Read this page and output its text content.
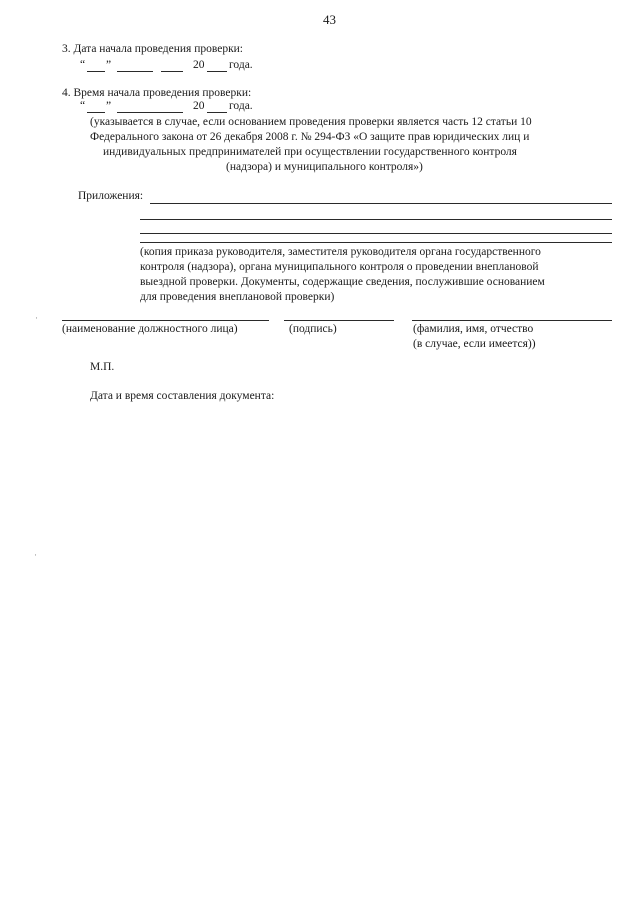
43
3. Дата начала проведения проверки:
“ ”	20 года.
4. Время начала проведения проверки:
“ ”	20 года.
(указывается в случае, если основанием проведения проверки является часть 12 статьи 10
Федерального закона от 26 декабря 2008 г. № 294-ФЗ «О защите прав юридических лиц и
индивидуальных предпринимателей при осуществлении государственного контроля
(надзора) и муниципального контроля»)
Приложения:
(копия приказа руководителя, заместителя руководителя органа государственного
контроля (надзора), органа муниципального контроля о проведении внеплановой
выездной проверки. Документы, содержащие сведения, послужившие основанием
для проведения внеплановой проверки)
·
(наименование должностного лица)	(подпись)	(фамилия, имя, отчество
(в случае, если имеется))
М.П.
Дата и время составления документа:
·
